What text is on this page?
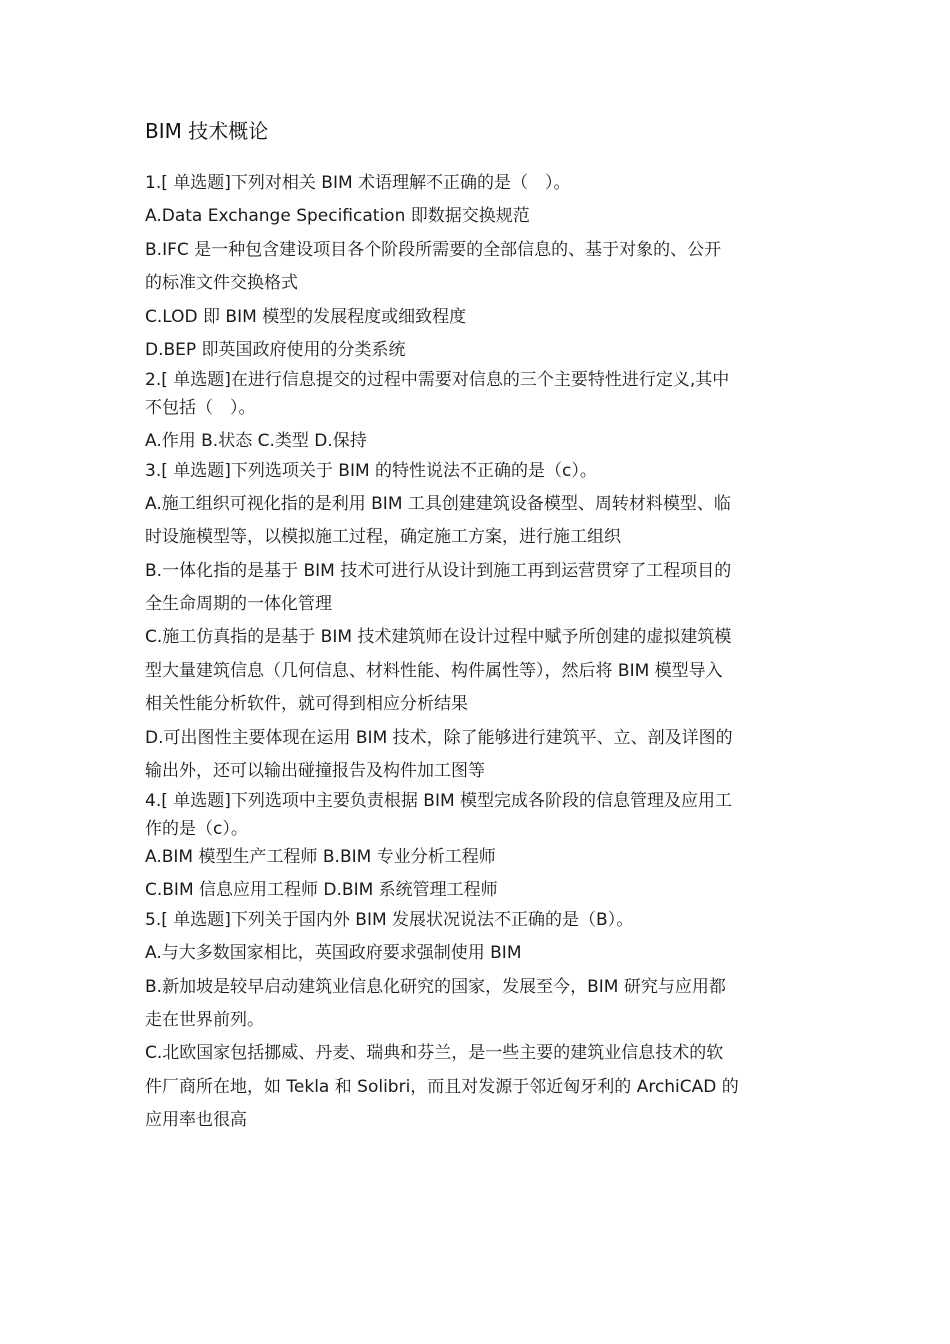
BIM 技术概论
1.[ 单选题]下列对相关 BIM 术语理解不正确的是（　）。
A.Data Exchange Specification 即数据交换规范
B.IFC 是一种包含建设项目各个阶段所需要的全部信息的、基于对象的、公开
的标准文件交换格式
C.LOD 即 BIM 模型的发展程度或细致程度
D.BEP 即英国政府使用的分类系统
2.[ 单选题]在进行信息提交的过程中需要对信息的三个主要特性进行定义,其中
不包括（　）。
A.作用 B.状态 C.类型 D.保持
3.[ 单选题]下列选项关于 BIM 的特性说法不正确的是（c）。
A.施工组织可视化指的是利用 BIM 工具创建建筑设备模型、周转材料模型、临
时设施模型等，以模拟施工过程，确定施工方案，进行施工组织
B.一体化指的是基于 BIM 技术可进行从设计到施工再到运营贯穿了工程项目的
全生命周期的一体化管理
C.施工仿真指的是基于 BIM 技术建筑师在设计过程中赋予所创建的虚拟建筑模
型大量建筑信息（几何信息、材料性能、构件属性等），然后将 BIM 模型导入
相关性能分析软件，就可得到相应分析结果
D.可出图性主要体现在运用 BIM 技术，除了能够进行建筑平、立、剖及详图的
输出外，还可以输出碰撞报告及构件加工图等
4.[ 单选题]下列选项中主要负责根据 BIM 模型完成各阶段的信息管理及应用工
作的是（c）。
A.BIM 模型生产工程师 B.BIM 专业分析工程师
C.BIM 信息应用工程师 D.BIM 系统管理工程师
5.[ 单选题]下列关于国内外 BIM 发展状况说法不正确的是（B）。
A.与大多数国家相比，英国政府要求强制使用 BIM
B.新加坡是较早启动建筑业信息化研究的国家，发展至今，BIM 研究与应用都
走在世界前列。
C.北欧国家包括挪威、丹麦、瑞典和芬兰，是一些主要的建筑业信息技术的软
件厂商所在地，如 Tekla 和 Solibri，而且对发源于邻近匈牙利的 ArchiCAD 的
应用率也很高
